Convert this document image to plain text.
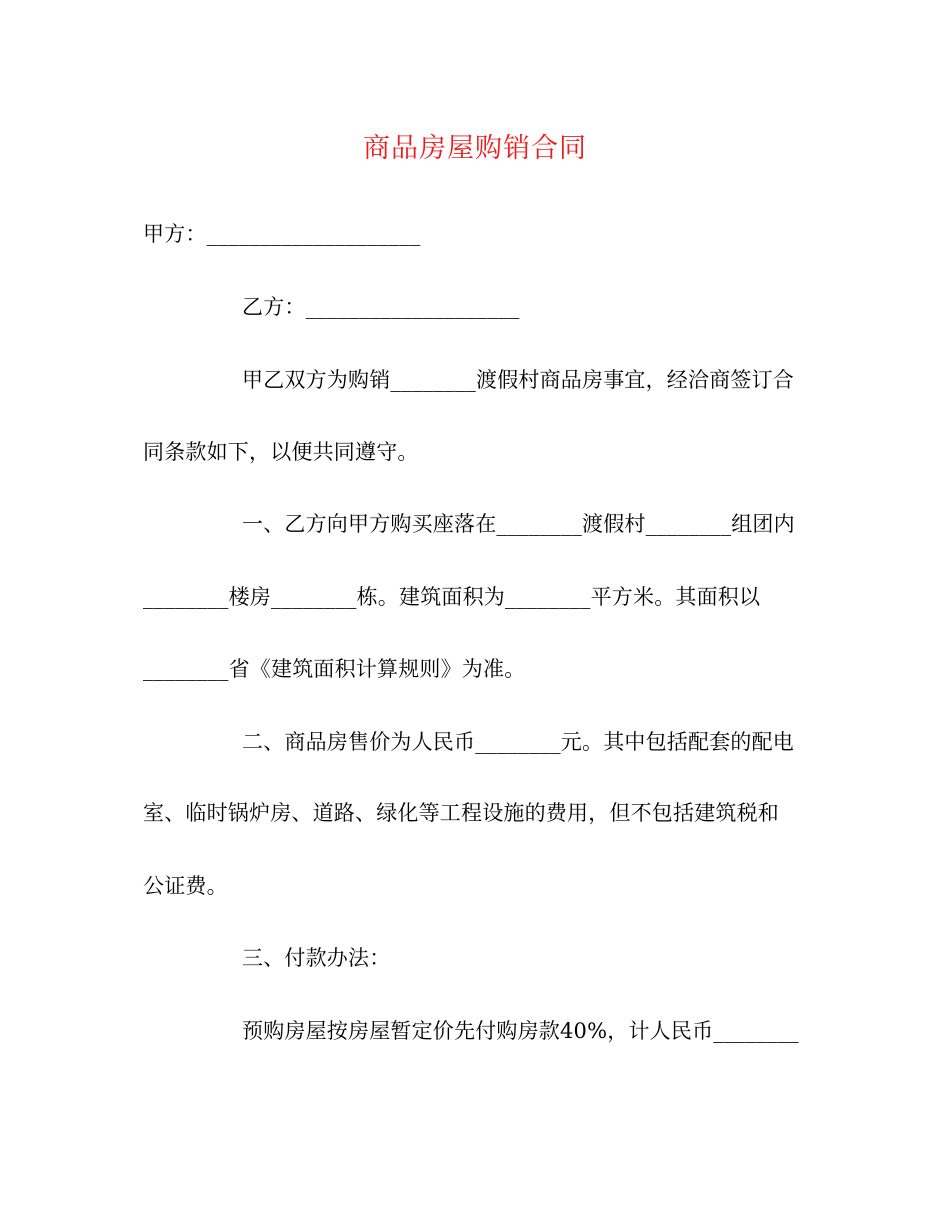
商品房屋购销合同
甲方：____________________
乙方：____________________
甲乙双方为购销________渡假村商品房事宜，经洽商签订合
同条款如下，以便共同遵守。
一、乙方向甲方购买座落在________渡假村________组团内
________楼房________栋。建筑面积为________平方米。其面积以
________省《建筑面积计算规则》为准。
二、商品房售价为人民币________元。其中包括配套的配电
室、临时锅炉房、道路、绿化等工程设施的费用，但不包括建筑税和
公证费。
三、付款办法：
预购房屋按房屋暂定价先付购房款40%，计人民币________
